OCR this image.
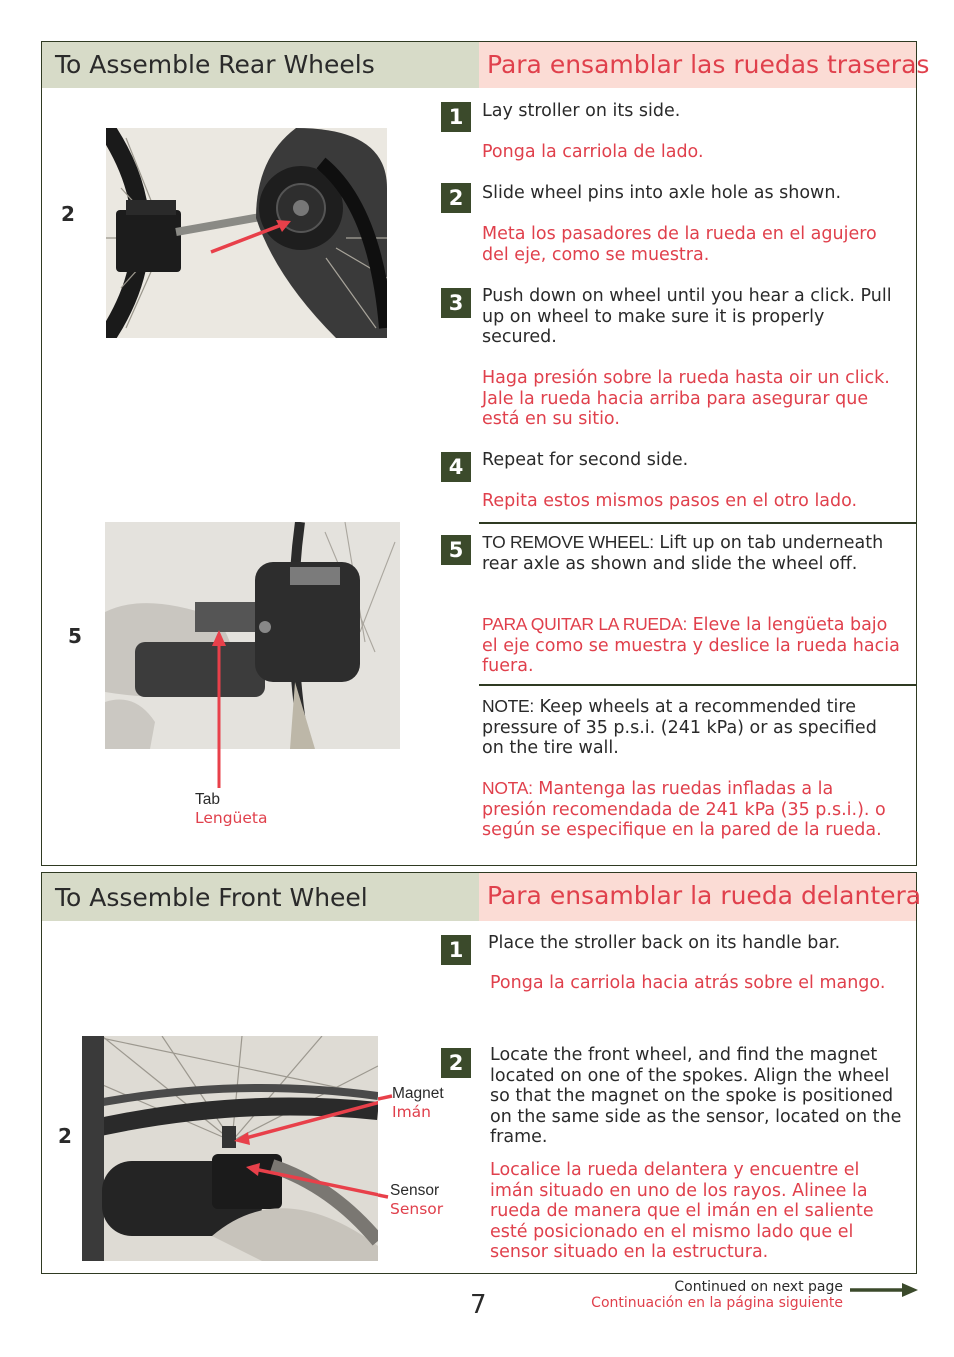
To Assemble Rear Wheels	Para ensamblar las ruedas traseras
2
5
Tab
Lengüeta
1	Lay stroller on its side.
Ponga la carriola de lado.
2	Slide wheel pins into axle hole as shown.
Meta los pasadores de la rueda en el agujero del eje, como se muestra.
3	Push down on wheel until you hear a click. Pull up on wheel to make sure it is properly secured.
Haga presión sobre la rueda hasta oir un click. Jale la rueda hacia arriba para asegurar que está en su sitio.
4	Repeat for second side.
Repita estos mismos pasos en el otro lado.
5	TO REMOVE WHEEL: Lift up on tab underneath rear axle as shown and slide the wheel off.
PARA QUITAR LA RUEDA: Eleve la lengüeta bajo el eje como se muestra y deslice la rueda hacia fuera.
NOTE: Keep wheels at a recommended tire pressure of 35 p.s.i. (241 kPa) or as specified on the tire wall.
NOTA: Mantenga las ruedas infladas a la presión recomendada de 241 kPa (35 p.s.i.). o según se especifique en la pared de la rueda.
To Assemble Front Wheel	Para ensamblar la rueda delantera
2
Magnet
Imán
Sensor
Sensor
1	Place the stroller back on its handle bar.
Ponga la carriola hacia atrás sobre el mango.
2	Locate the front wheel, and find the magnet located on one of the spokes. Align the wheel so that the magnet on the spoke is positioned on the same side as the sensor, located on the frame.
Localice la rueda delantera y encuentre el imán situado en uno de los rayos. Alinee la rueda de manera que el imán en el saliente esté posicionado en el mismo lado que el sensor situado en la estructura.
Continued on next page
Continuación en la página siguiente
7
